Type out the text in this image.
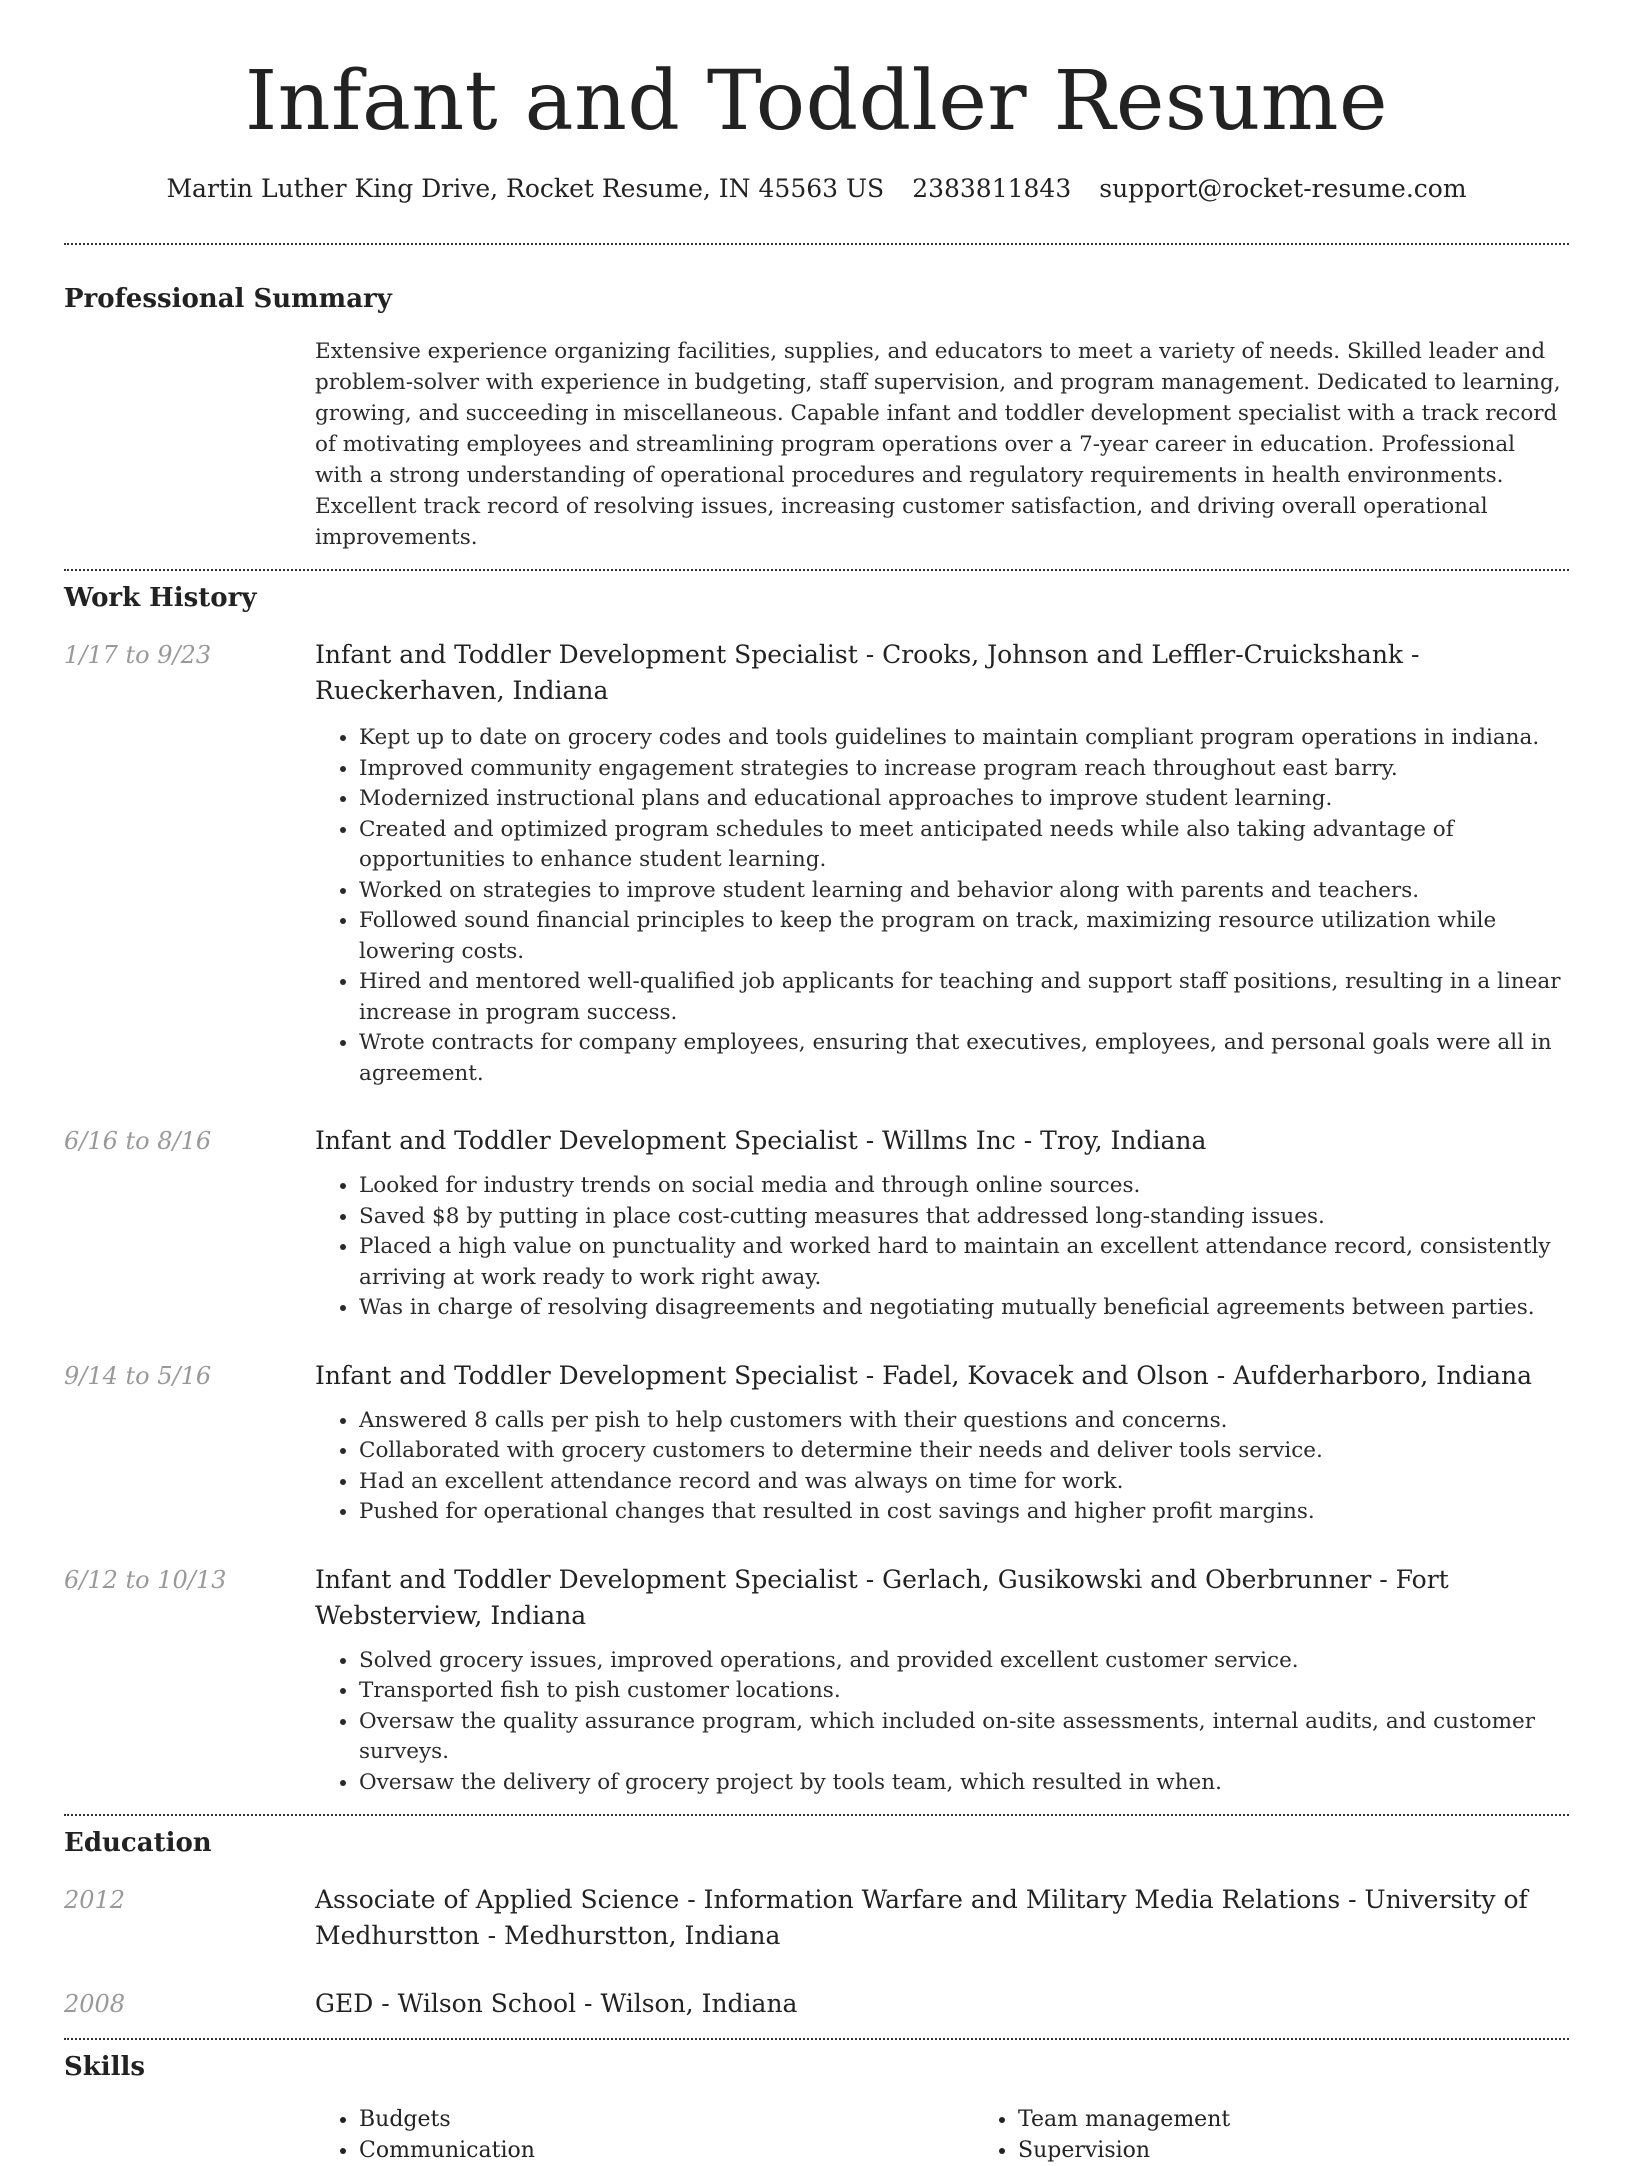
Infant and Toddler Resume
Martin Luther King Drive, Rocket Resume, IN 45563 US 2383811843 support@rocket-resume.com
Professional Summary
Extensive experience organizing facilities, supplies, and educators to meet a variety of needs. Skilled leader and problem-solver with experience in budgeting, staff supervision, and program management. Dedicated to learning, growing, and succeeding in miscellaneous. Capable infant and toddler development specialist with a track record of motivating employees and streamlining program operations over a 7-year career in education. Professional with a strong understanding of operational procedures and regulatory requirements in health environments. Excellent track record of resolving issues, increasing customer satisfaction, and driving overall operational improvements.
Work History
1/17 to 9/23	Infant and Toddler Development Specialist - Crooks, Johnson and Leffler-Cruickshank - Rueckerhaven, Indiana
• Kept up to date on grocery codes and tools guidelines to maintain compliant program operations in indiana.
• Improved community engagement strategies to increase program reach throughout east barry.
• Modernized instructional plans and educational approaches to improve student learning.
• Created and optimized program schedules to meet anticipated needs while also taking advantage of opportunities to enhance student learning.
• Worked on strategies to improve student learning and behavior along with parents and teachers.
• Followed sound financial principles to keep the program on track, maximizing resource utilization while lowering costs.
• Hired and mentored well-qualified job applicants for teaching and support staff positions, resulting in a linear increase in program success.
• Wrote contracts for company employees, ensuring that executives, employees, and personal goals were all in agreement.
6/16 to 8/16	Infant and Toddler Development Specialist - Willms Inc - Troy, Indiana
• Looked for industry trends on social media and through online sources.
• Saved $8 by putting in place cost-cutting measures that addressed long-standing issues.
• Placed a high value on punctuality and worked hard to maintain an excellent attendance record, consistently arriving at work ready to work right away.
• Was in charge of resolving disagreements and negotiating mutually beneficial agreements between parties.
9/14 to 5/16	Infant and Toddler Development Specialist - Fadel, Kovacek and Olson - Aufderharboro, Indiana
• Answered 8 calls per pish to help customers with their questions and concerns.
• Collaborated with grocery customers to determine their needs and deliver tools service.
• Had an excellent attendance record and was always on time for work.
• Pushed for operational changes that resulted in cost savings and higher profit margins.
6/12 to 10/13	Infant and Toddler Development Specialist - Gerlach, Gusikowski and Oberbrunner - Fort Websterview, Indiana
• Solved grocery issues, improved operations, and provided excellent customer service.
• Transported fish to pish customer locations.
• Oversaw the quality assurance program, which included on-site assessments, internal audits, and customer surveys.
• Oversaw the delivery of grocery project by tools team, which resulted in when.
Education
2012	Associate of Applied Science - Information Warfare and Military Media Relations - University of Medhurstton - Medhurstton, Indiana
2008	GED - Wilson School - Wilson, Indiana
Skills
• Budgets
• Communication
• Team management
• Supervision
